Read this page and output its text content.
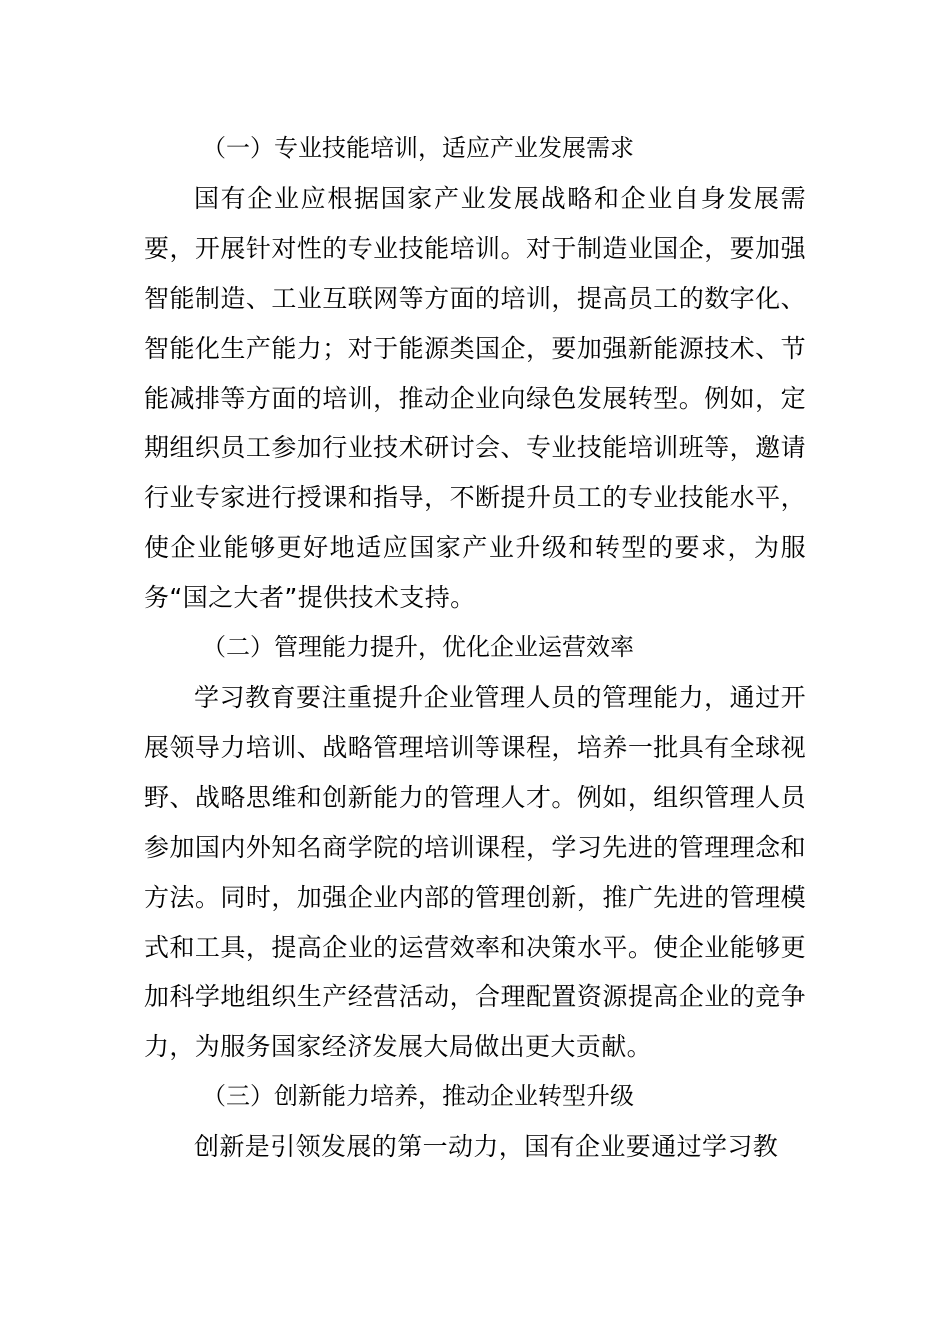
（一）专业技能培训，适应产业发展需求

国有企业应根据国家产业发展战略和企业自身发展需要，开展针对性的专业技能培训。对于制造业国企，要加强智能制造、工业互联网等方面的培训，提高员工的数字化、智能化生产能力；对于能源类国企，要加强新能源技术、节能减排等方面的培训，推动企业向绿色发展转型。例如，定期组织员工参加行业技术研讨会、专业技能培训班等，邀请行业专家进行授课和指导，不断提升员工的专业技能水平，使企业能够更好地适应国家产业升级和转型的要求，为服务“国之大者”提供技术支持。

（二）管理能力提升，优化企业运营效率

学习教育要注重提升企业管理人员的管理能力，通过开展领导力培训、战略管理培训等课程，培养一批具有全球视野、战略思维和创新能力的管理人才。例如，组织管理人员参加国内外知名商学院的培训课程，学习先进的管理理念和方法。同时，加强企业内部的管理创新，推广先进的管理模式和工具，提高企业的运营效率和决策水平。使企业能够更加科学地组织生产经营活动，合理配置资源提高企业的竞争力，为服务国家经济发展大局做出更大贡献。

（三）创新能力培养，推动企业转型升级

创新是引领发展的第一动力，国有企业要通过学习教
